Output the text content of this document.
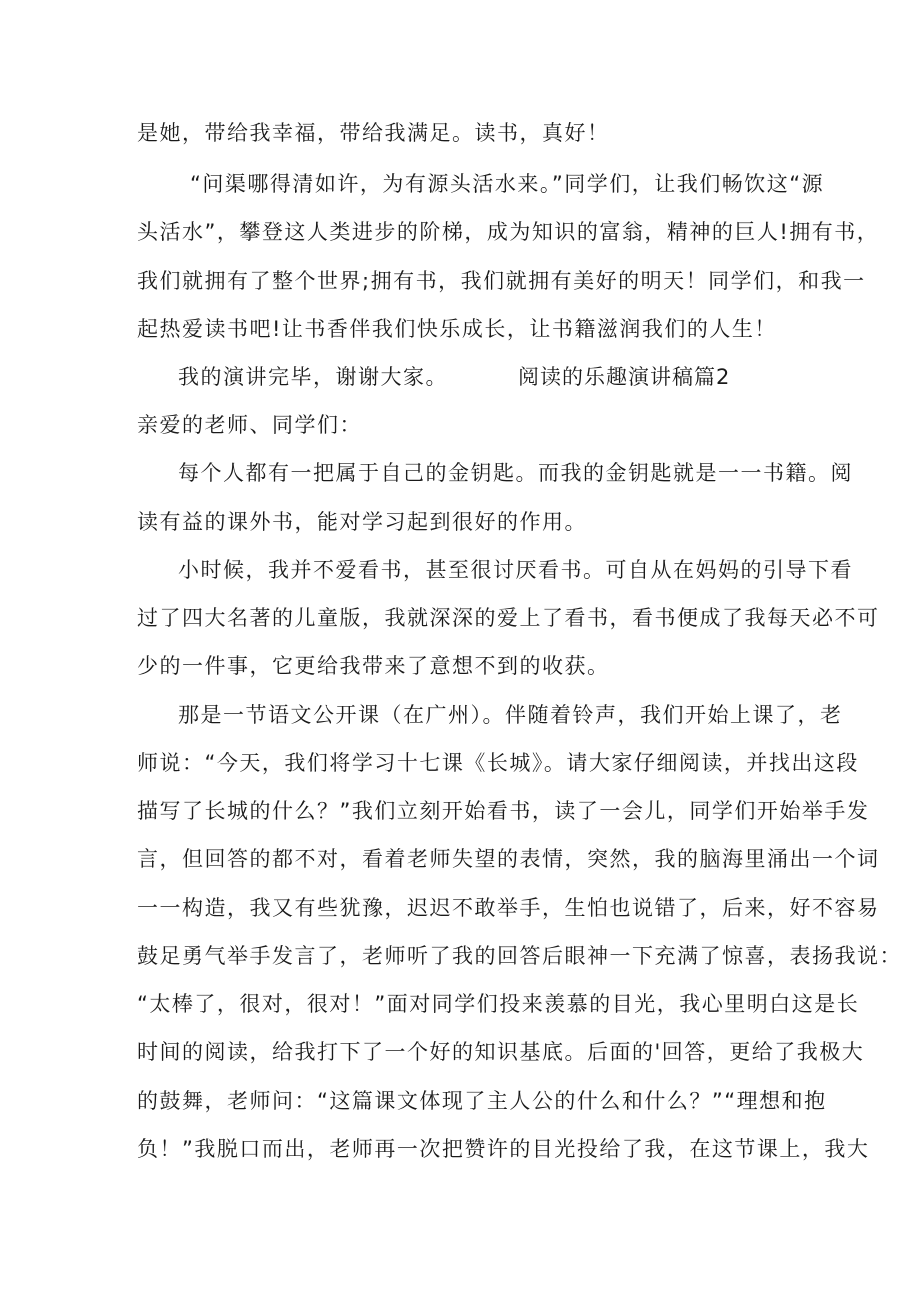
是她，带给我幸福，带给我满足。读书，真好！
“问渠哪得清如许，为有源头活水来。”同学们，让我们畅饮这“源
头活水”，攀登这人类进步的阶梯，成为知识的富翁，精神的巨人!拥有书，
我们就拥有了整个世界;拥有书，我们就拥有美好的明天！同学们，和我一
起热爱读书吧!让书香伴我们快乐成长，让书籍滋润我们的人生！
我的演讲完毕，谢谢大家。	阅读的乐趣演讲稿篇2
亲爱的老师、同学们：
每个人都有一把属于自己的金钥匙。而我的金钥匙就是一一书籍。阅
读有益的课外书，能对学习起到很好的作用。
小时候，我并不爱看书，甚至很讨厌看书。可自从在妈妈的引导下看
过了四大名著的儿童版，我就深深的爱上了看书，看书便成了我每天必不可
少的一件事，它更给我带来了意想不到的收获。
那是一节语文公开课（在广州）。伴随着铃声，我们开始上课了，老
师说：“今天，我们将学习十七课《长城》。请大家仔细阅读，并找出这段
描写了长城的什么？”我们立刻开始看书，读了一会儿，同学们开始举手发
言，但回答的都不对，看着老师失望的表情，突然，我的脑海里涌出一个词
一一构造，我又有些犹豫，迟迟不敢举手，生怕也说错了，后来，好不容易
鼓足勇气举手发言了，老师听了我的回答后眼神一下充满了惊喜，表扬我说：
“太棒了，很对，很对！”面对同学们投来羡慕的目光，我心里明白这是长
时间的阅读，给我打下了一个好的知识基底。后面的'回答，更给了我极大
的鼓舞，老师问：“这篇课文体现了主人公的什么和什么？”“理想和抱
负！”我脱口而出，老师再一次把赞许的目光投给了我，在这节课上，我大
